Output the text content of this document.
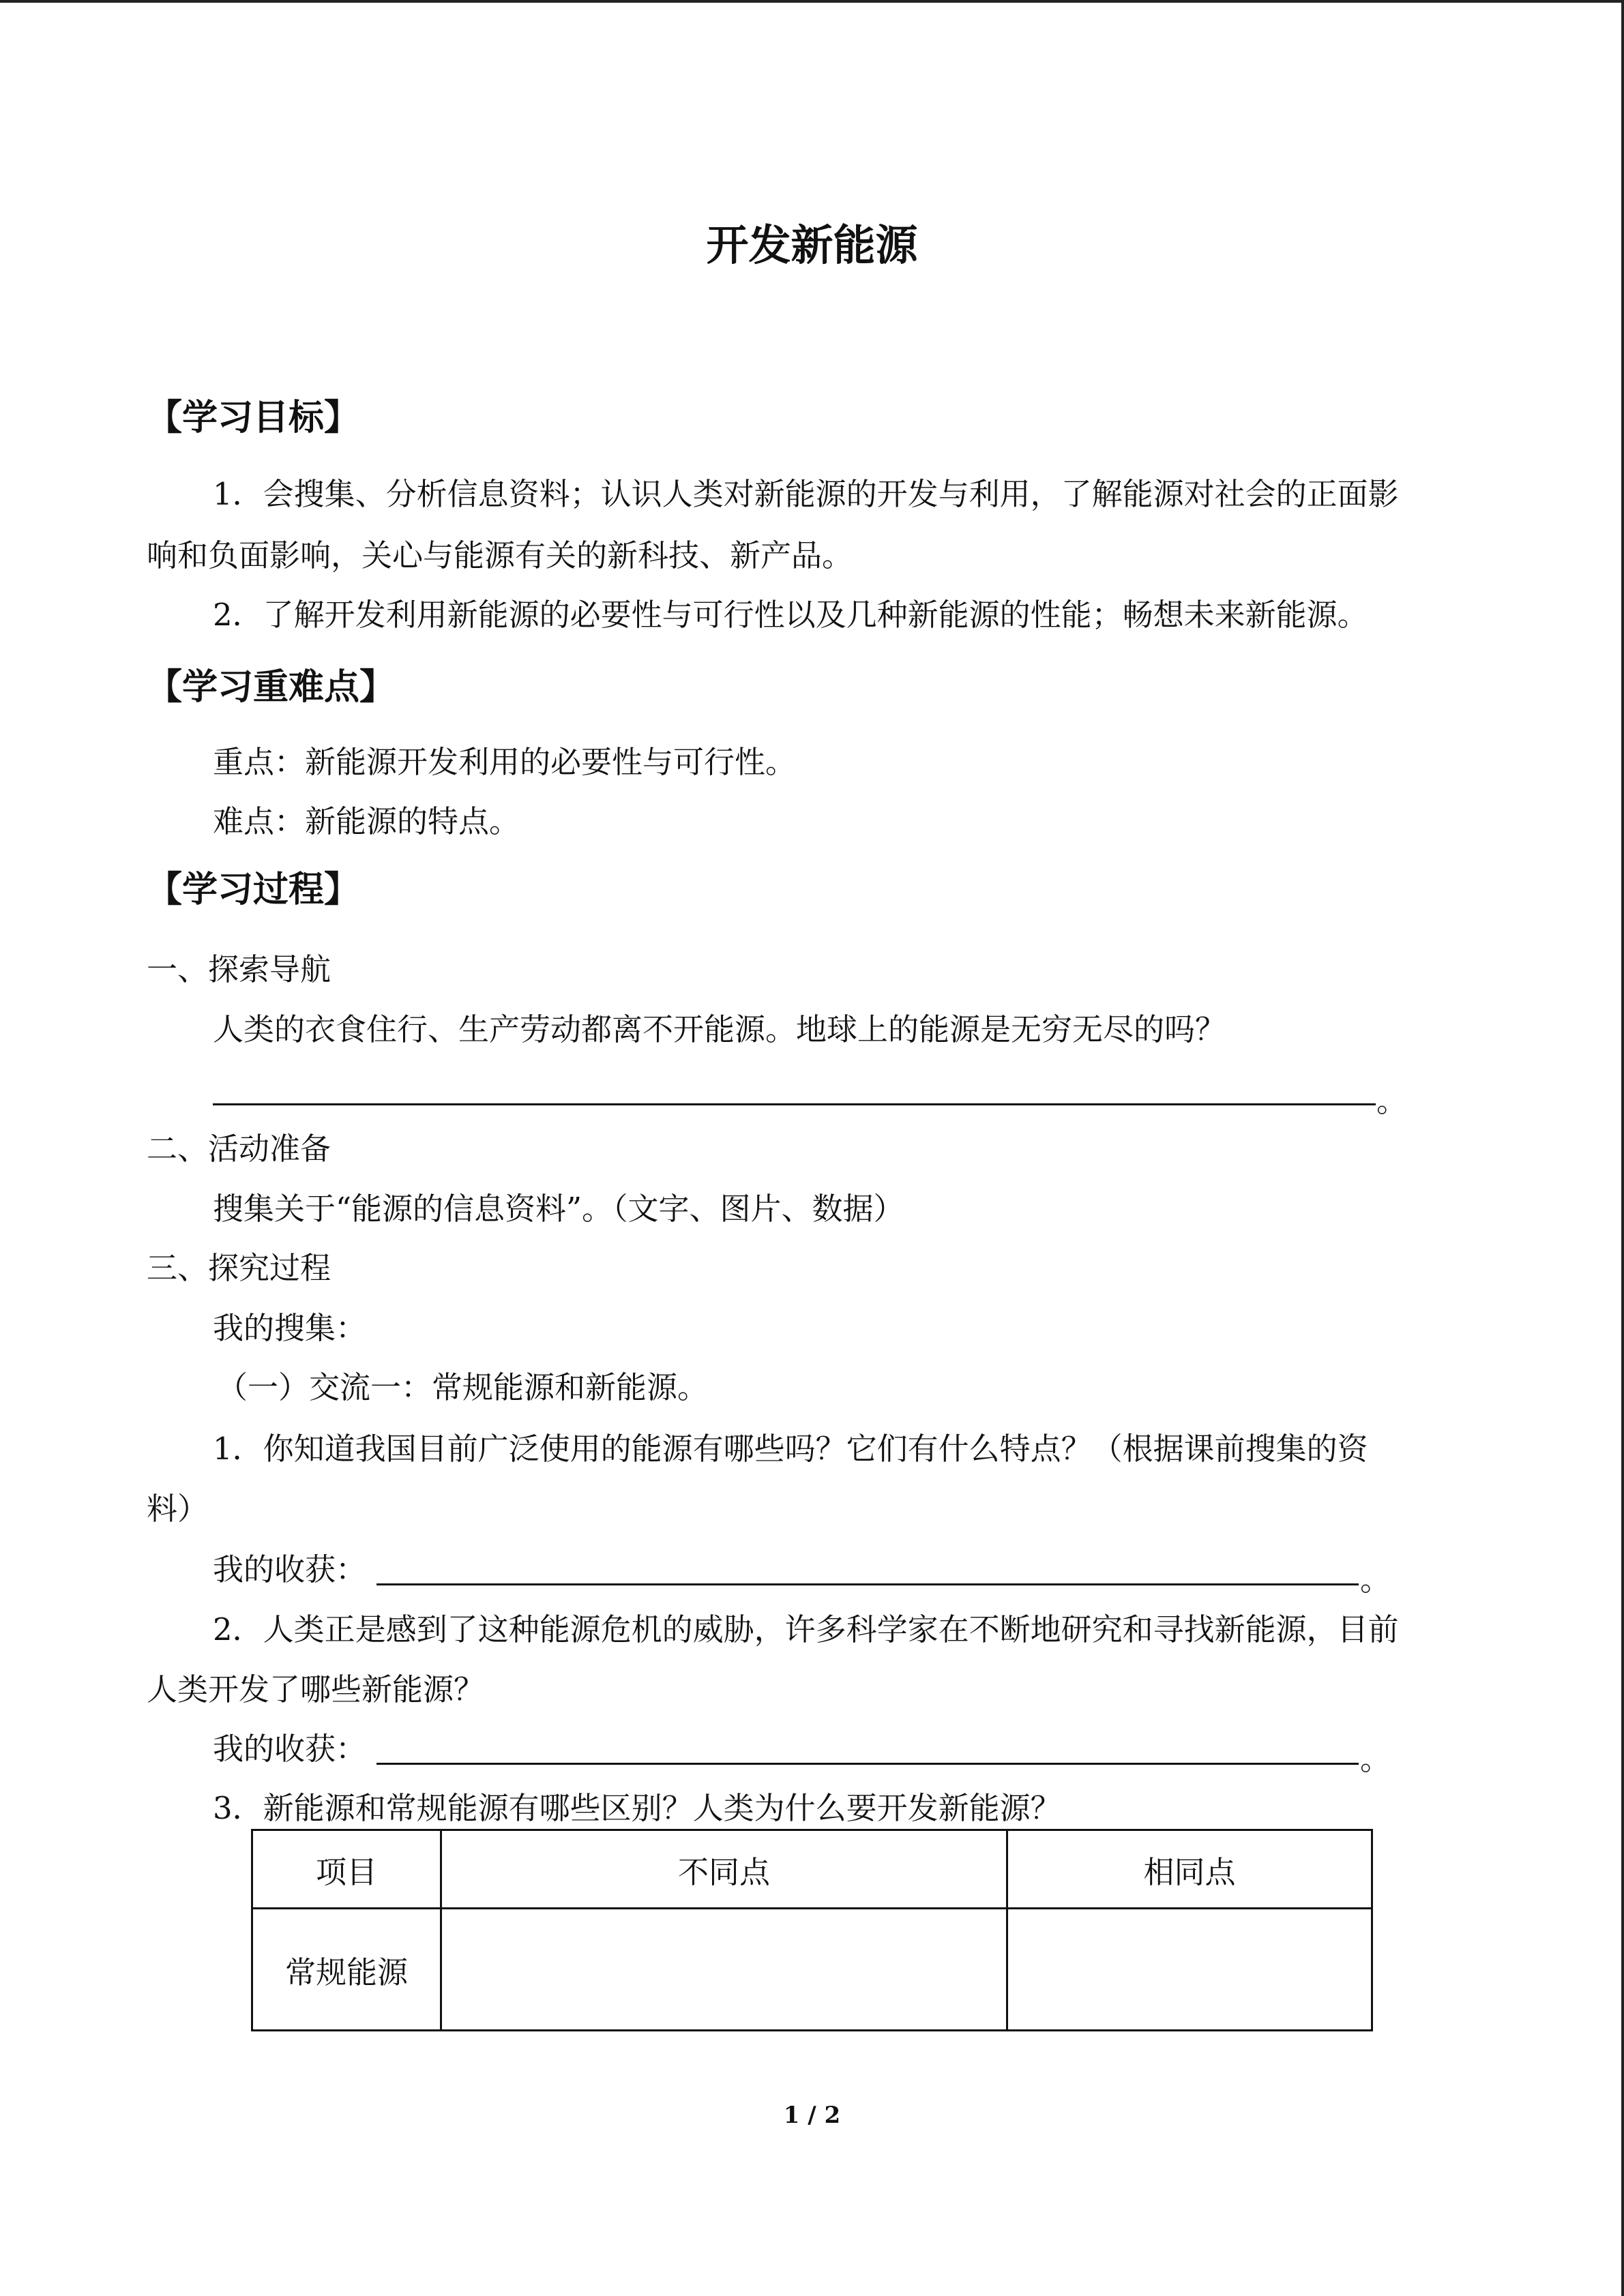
开发新能源
【学习目标】
1．会搜集、分析信息资料；认识人类对新能源的开发与利用，了解能源对社会的正面影
响和负面影响，关心与能源有关的新科技、新产品。
2．了解开发利用新能源的必要性与可行性以及几种新能源的性能；畅想未来新能源。
【学习重难点】
重点：新能源开发利用的必要性与可行性。
难点：新能源的特点。
【学习过程】
一、探索导航
人类的衣食住行、生产劳动都离不开能源。地球上的能源是无穷无尽的吗？
。
二、活动准备
搜集关于“能源的信息资料”。（文字、图片、数据）
三、探究过程
我的搜集：
（一）交流一：常规能源和新能源。
1．你知道我国目前广泛使用的能源有哪些吗？它们有什么特点？（根据课前搜集的资
料）
我的收获：	。
2．人类正是感到了这种能源危机的威胁，许多科学家在不断地研究和寻找新能源，目前
人类开发了哪些新能源？
我的收获：	。
3．新能源和常规能源有哪些区别？人类为什么要开发新能源？
项目	不同点	相同点
常规能源		
1 / 2
